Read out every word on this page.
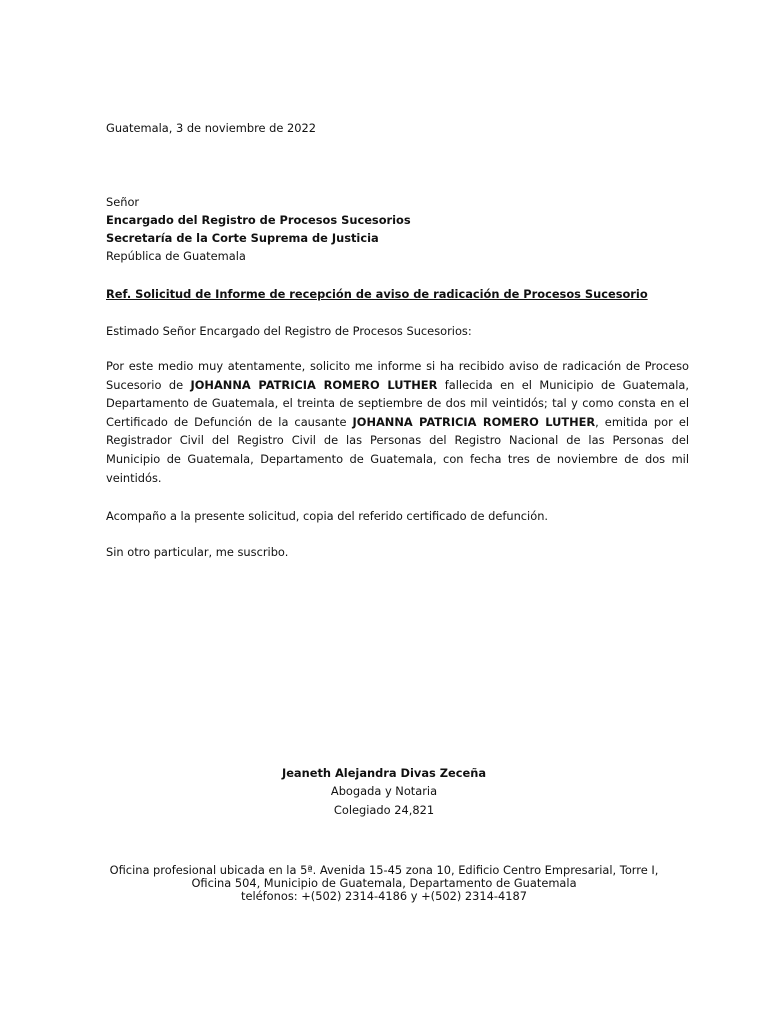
Guatemala, 3 de noviembre de 2022
Señor
Encargado del Registro de Procesos Sucesorios
Secretaría de la Corte Suprema de Justicia
República de Guatemala
Ref. Solicitud de Informe de recepción de aviso de radicación de Procesos Sucesorio
Estimado Señor Encargado del Registro de Procesos Sucesorios:
Por este medio muy atentamente, solicito me informe si ha recibido aviso de radicación de Proceso
Sucesorio de JOHANNA PATRICIA ROMERO LUTHER fallecida en el Municipio de Guatemala,
Departamento de Guatemala, el treinta de septiembre de dos mil veintidós; tal y como consta en el
Certificado de Defunción de la causante JOHANNA PATRICIA ROMERO LUTHER, emitida por el
Registrador Civil del Registro Civil de las Personas del Registro Nacional de las Personas del
Municipio de Guatemala, Departamento de Guatemala, con fecha tres de noviembre de dos mil
veintidós.
Acompaño a la presente solicitud, copia del referido certificado de defunción.
Sin otro particular, me suscribo.
Jeaneth Alejandra Divas Zeceña
Abogada y Notaria
Colegiado 24,821
Oficina profesional ubicada en la 5ª. Avenida 15-45 zona 10, Edificio Centro Empresarial, Torre I,
Oficina 504, Municipio de Guatemala, Departamento de Guatemala
teléfonos: +(502) 2314-4186 y +(502) 2314-4187
